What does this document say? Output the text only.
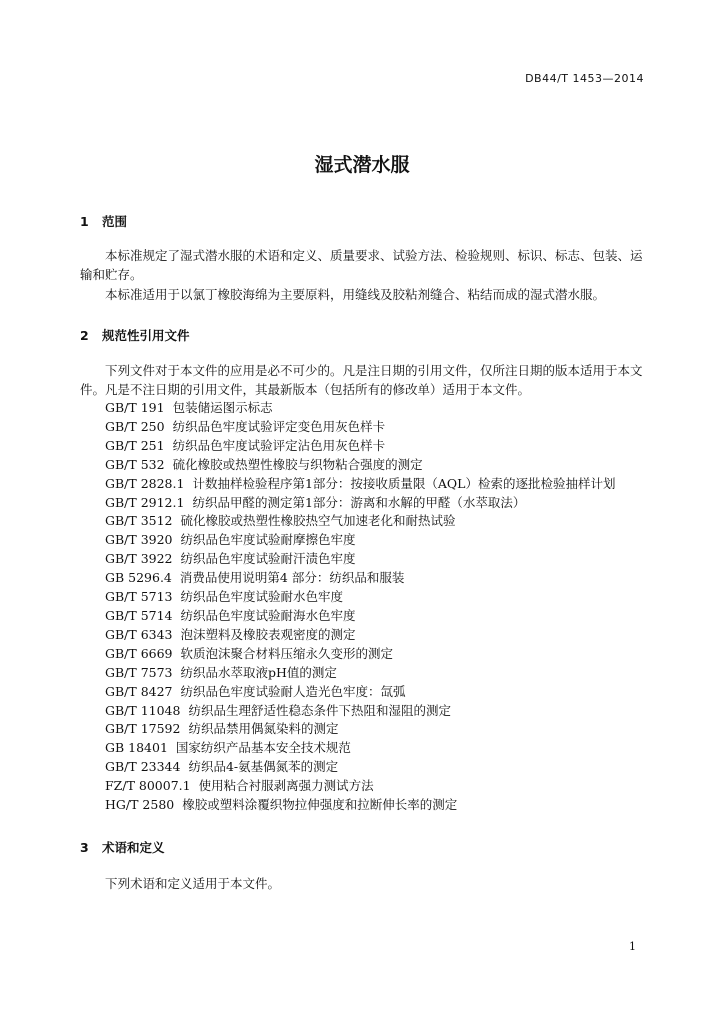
DB44/T 1453—2014
湿式潜水服
1 范围
本标准规定了湿式潜水服的术语和定义、质量要求、试验方法、检验规则、标识、标志、包装、运输和贮存。
本标准适用于以氯丁橡胶海绵为主要原料，用缝线及胶粘剂缝合、粘结而成的湿式潜水服。
2 规范性引用文件
下列文件对于本文件的应用是必不可少的。凡是注日期的引用文件，仅所注日期的版本适用于本文件。凡是不注日期的引用文件，其最新版本（包括所有的修改单）适用于本文件。
GB/T 191 包装储运图示标志
GB/T 250 纺织品色牢度试验评定变色用灰色样卡
GB/T 251 纺织品色牢度试验评定沾色用灰色样卡
GB/T 532 硫化橡胶或热塑性橡胶与织物粘合强度的测定
GB/T 2828.1 计数抽样检验程序第1部分：按接收质量限（AQL）检索的逐批检验抽样计划
GB/T 2912.1 纺织品甲醛的测定第1部分：游离和水解的甲醛（水萃取法）
GB/T 3512 硫化橡胶或热塑性橡胶热空气加速老化和耐热试验
GB/T 3920 纺织品色牢度试验耐摩擦色牢度
GB/T 3922 纺织品色牢度试验耐汗渍色牢度
GB 5296.4 消费品使用说明第4 部分：纺织品和服装
GB/T 5713 纺织品色牢度试验耐水色牢度
GB/T 5714 纺织品色牢度试验耐海水色牢度
GB/T 6343 泡沫塑料及橡胶表观密度的测定
GB/T 6669 软质泡沫聚合材料压缩永久变形的测定
GB/T 7573 纺织品水萃取液pH值的测定
GB/T 8427 纺织品色牢度试验耐人造光色牢度：氙弧
GB/T 11048 纺织品生理舒适性稳态条件下热阻和湿阻的测定
GB/T 17592 纺织品禁用偶氮染料的测定
GB 18401 国家纺织产品基本安全技术规范
GB/T 23344 纺织品4-氨基偶氮苯的测定
FZ/T 80007.1 使用粘合衬服剥离强力测试方法
HG/T 2580 橡胶或塑料涂覆织物拉伸强度和拉断伸长率的测定
3 术语和定义
下列术语和定义适用于本文件。
1
